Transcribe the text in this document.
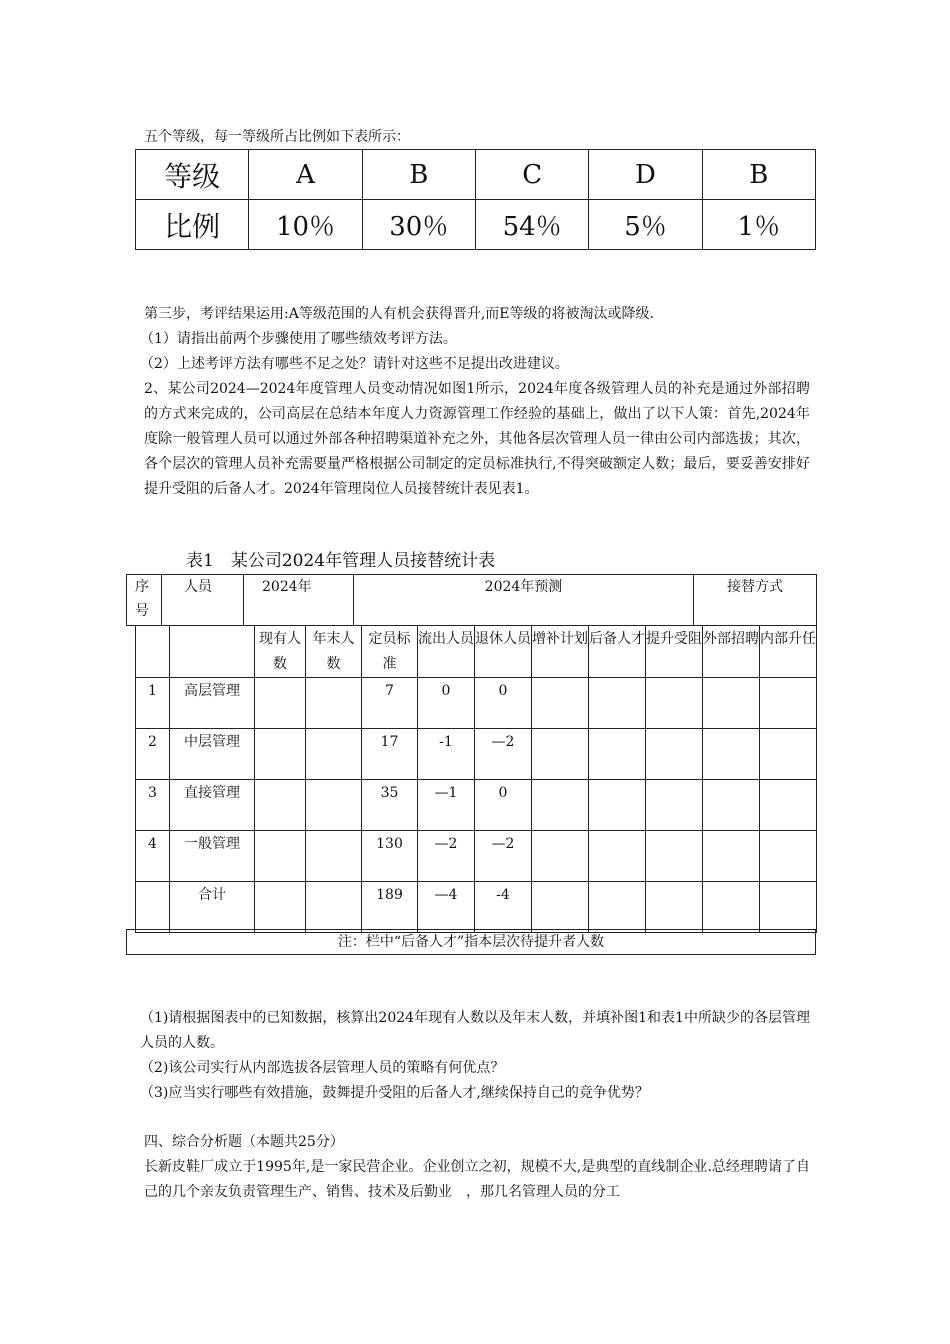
五个等级，每一等级所占比例如下表所示：
等级	A	B	C	D	B
比例	10％	30％	54％	5％	1％
第三步，考评结果运用:A等级范围的人有机会获得晋升,而E等级的将被淘汰或降级.
（1）请指出前两个步骤使用了哪些绩效考评方法。
（2）上述考评方法有哪些不足之处？请针对这些不足提出改进建议。
2、某公司2024—2024年度管理人员变动情况如图1所示，2024年度各级管理人员的补充是通过外部招聘的方式来完成的，公司高层在总结本年度人力资源管理工作经验的基础上，做出了以下人策：首先,2024年度除一般管理人员可以通过外部各种招聘渠道补充之外，其他各层次管理人员一律由公司内部选拔；其次，各个层次的管理人员补充需要量严格根据公司制定的定员标准执行,不得突破额定人数；最后，要妥善安排好提升受阻的后备人才。2024年管理岗位人员接替统计表见表1。
表1　某公司2024年管理人员接替统计表
序号	人员	2024年	2024年预测	接替方式
		现有人数	年末人数	定员标准	流出人员	退休人员	增补计划	后备人才	提升受阻	外部招聘	内部升任
1	高层管理			7	0	0					
2	中层管理			17	-1	—2					
3	直接管理			35	—1	0					
4	一般管理			130	—2	—2					
	合计			189	—4	-4					
注：栏中“后备人才”指本层次待提升者人数
（1)请根据图表中的已知数据，核算出2024年现有人数以及年末人数，并填补图1和表1中所缺少的各层管理人员的人数。
（2)该公司实行从内部选拔各层管理人员的策略有何优点？
（3)应当实行哪些有效措施，鼓舞提升受阻的后备人才,继续保持自己的竞争优势？
四、综合分析题（本题共25分）
长新皮鞋厂成立于1995年,是一家民营企业。企业创立之初，规模不大,是典型的直线制企业.总经理聘请了自己的几个亲友负责管理生产、销售、技术及后勤业　，那几名管理人员的分工
